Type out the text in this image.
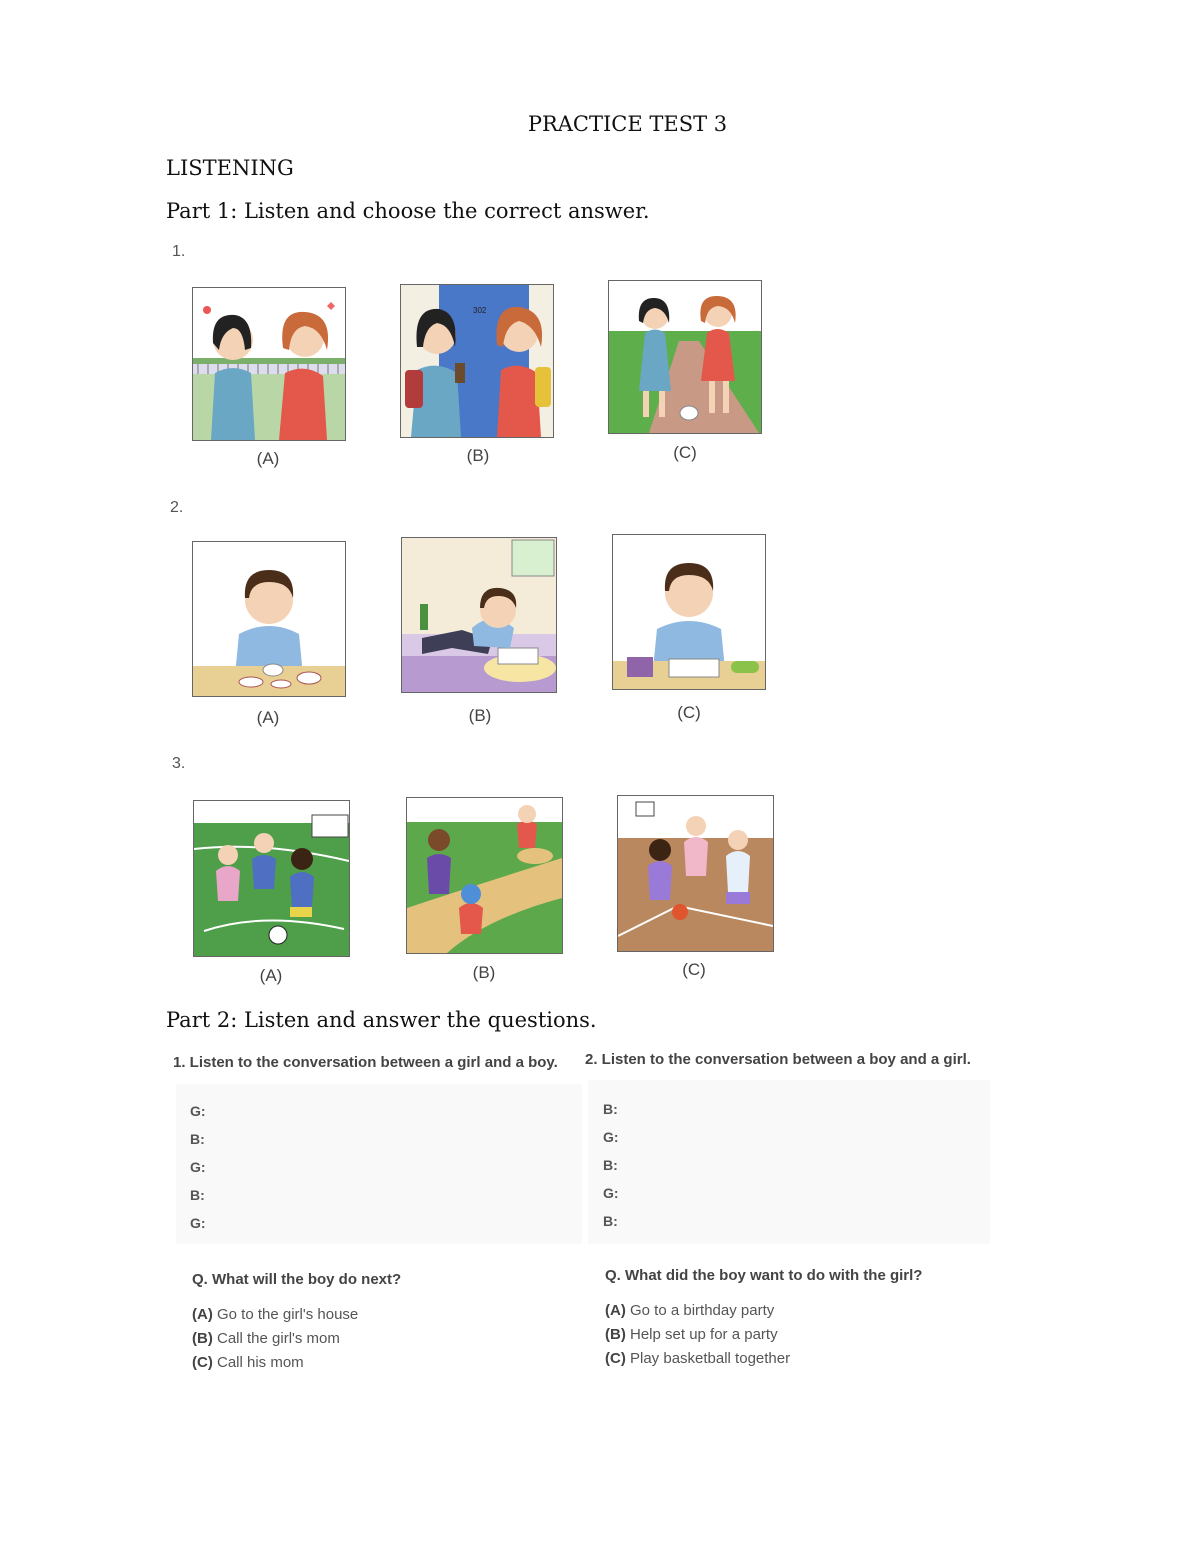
PRACTICE TEST 3
LISTENING
Part 1: Listen and choose the correct answer.
1.
(A)
302
(B)	(C)
2.
(A)	(B)	(C)
3.
(A)	(B)	(C)
Part 2: Listen and answer the questions.
1. Listen to the conversation between a girl and a boy. 2. Listen to the conversation between a boy and a girl.
G:
B:
G:
B:
G:
B:
G:
B:
G:
B:
Q. What will the boy do next?
(A) Go to the girl's house
(B) Call the girl's mom
(C) Call his mom
Q. What did the boy want to do with the girl?
(A) Go to a birthday party
(B) Help set up for a party
(C) Play basketball together
